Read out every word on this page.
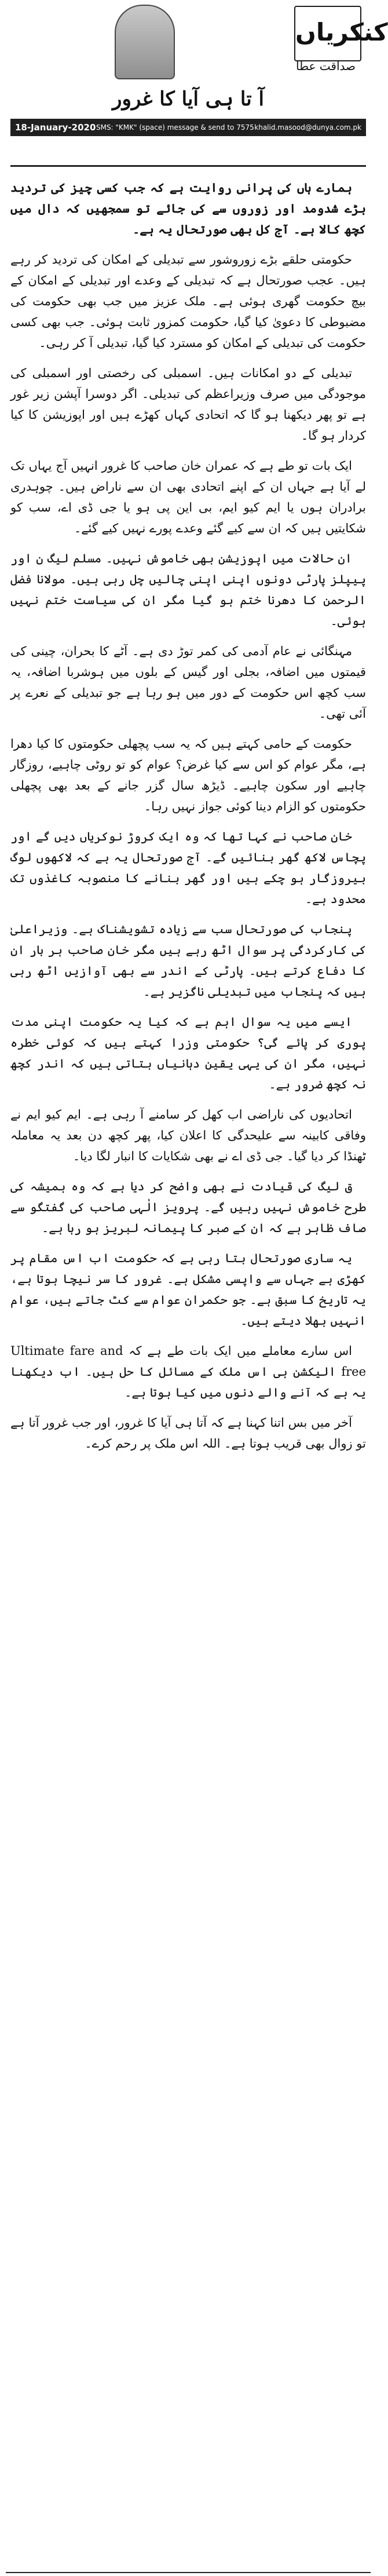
کنکریاں
صداقت عطا
آ تا ہی آیا کا غرور
18-January-2020 SMS: "KMK" (space) message & send to 7575 khalid.masood@dunya.com.pk

ہمارے ہاں کی پرانی روایت ہے کہ جب کسی چیز کی تردید بڑے شدومد اور زوروں سے کی جائے تو سمجھیں کہ دال میں کچھ کالا ہے۔ آج کل بھی صورتحال یہ ہے۔

حکومتی حلقے بڑے زوروشور سے تبدیلی کے امکان کی تردید کر رہے ہیں۔ عجب صورتحال ہے کہ تبدیلی کے وعدے اور تبدیلی کے امکان کے بیچ حکومت گھری ہوئی ہے۔ ملک عزیز میں جب بھی حکومت کی مضبوطی کا دعویٰ کیا گیا، حکومت کمزور ثابت ہوئی۔ جب بھی کسی حکومت کی تبدیلی کے امکان کو مسترد کیا گیا، تبدیلی آ کر رہی۔

تبدیلی کے دو امکانات ہیں۔ اسمبلی کی رخصتی اور اسمبلی کی موجودگی میں صرف وزیراعظم کی تبدیلی۔ اگر دوسرا آپشن زیر غور ہے تو پھر دیکھنا ہو گا کہ اتحادی کہاں کھڑے ہیں اور اپوزیشن کا کیا کردار ہو گا۔

ایک بات تو طے ہے کہ عمران خان صاحب کا غرور انہیں آج یہاں تک لے آیا ہے جہاں ان کے اپنے اتحادی بھی ان سے ناراض ہیں۔ چوہدری برادران ہوں یا ایم کیو ایم، بی این پی ہو یا جی ڈی اے، سب کو شکایتیں ہیں کہ ان سے کیے گئے وعدے پورے نہیں کیے گئے۔

ان حالات میں اپوزیشن بھی خاموش نہیں۔ مسلم لیگ ن اور پیپلز پارٹی دونوں اپنی اپنی چالیں چل رہی ہیں۔ مولانا فضل الرحمن کا دھرنا ختم ہو گیا مگر ان کی سیاست ختم نہیں ہوئی۔

مہنگائی نے عام آدمی کی کمر توڑ دی ہے۔ آٹے کا بحران، چینی کی قیمتوں میں اضافہ، بجلی اور گیس کے بلوں میں ہوشربا اضافہ، یہ سب کچھ اس حکومت کے دور میں ہو رہا ہے جو تبدیلی کے نعرے پر آئی تھی۔

حکومت کے حامی کہتے ہیں کہ یہ سب پچھلی حکومتوں کا کیا دھرا ہے، مگر عوام کو اس سے کیا غرض؟ عوام کو تو روٹی چاہیے، روزگار چاہیے اور سکون چاہیے۔ ڈیڑھ سال گزر جانے کے بعد بھی پچھلی حکومتوں کو الزام دینا کوئی جواز نہیں رہا۔

خان صاحب نے کہا تھا کہ وہ ایک کروڑ نوکریاں دیں گے اور پچاس لاکھ گھر بنائیں گے۔ آج صورتحال یہ ہے کہ لاکھوں لوگ بیروزگار ہو چکے ہیں اور گھر بنانے کا منصوبہ کاغذوں تک محدود ہے۔

پنجاب کی صورتحال سب سے زیادہ تشویشناک ہے۔ وزیراعلیٰ کی کارکردگی پر سوال اٹھ رہے ہیں مگر خان صاحب ہر بار ان کا دفاع کرتے ہیں۔ پارٹی کے اندر سے بھی آوازیں اٹھ رہی ہیں کہ پنجاب میں تبدیلی ناگزیر ہے۔

ایسے میں یہ سوال اہم ہے کہ کیا یہ حکومت اپنی مدت پوری کر پائے گی؟ حکومتی وزرا کہتے ہیں کہ کوئی خطرہ نہیں، مگر ان کی یہی یقین دہانیاں بتاتی ہیں کہ اندر کچھ نہ کچھ ضرور ہے۔

اتحادیوں کی ناراضی اب کھل کر سامنے آ رہی ہے۔ ایم کیو ایم نے وفاقی کابینہ سے علیحدگی کا اعلان کیا، پھر کچھ دن بعد یہ معاملہ ٹھنڈا کر دیا گیا۔ جی ڈی اے نے بھی شکایات کا انبار لگا دیا۔

ق لیگ کی قیادت نے بھی واضح کر دیا ہے کہ وہ ہمیشہ کی طرح خاموش نہیں رہیں گے۔ پرویز الٰہی صاحب کی گفتگو سے صاف ظاہر ہے کہ ان کے صبر کا پیمانہ لبریز ہو رہا ہے۔

یہ ساری صورتحال بتا رہی ہے کہ حکومت اب اس مقام پر کھڑی ہے جہاں سے واپسی مشکل ہے۔ غرور کا سر نیچا ہوتا ہے، یہ تاریخ کا سبق ہے۔ جو حکمران عوام سے کٹ جاتے ہیں، عوام انہیں بھلا دیتے ہیں۔

اس سارے معاملے میں ایک بات طے ہے کہ Ultimate fare and free الیکشن ہی اس ملک کے مسائل کا حل ہیں۔ اب دیکھنا یہ ہے کہ آنے والے دنوں میں کیا ہوتا ہے۔

آخر میں بس اتنا کہنا ہے کہ آتا ہی آیا کا غرور، اور جب غرور آتا ہے تو زوال بھی قریب ہوتا ہے۔ اللہ اس ملک پر رحم کرے۔
